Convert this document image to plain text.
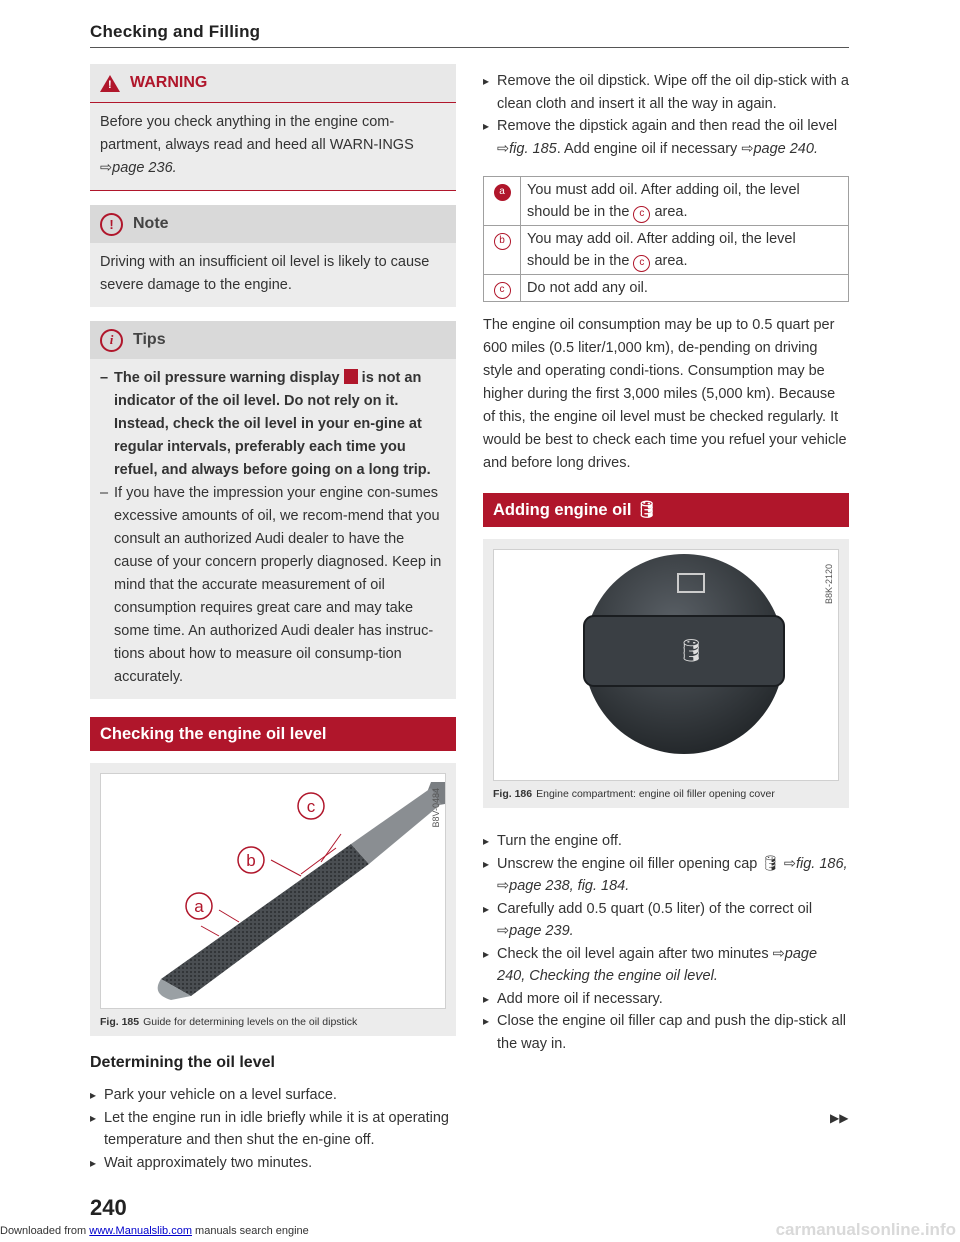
Checking and Filling
! WARNING
Before you check anything in the engine com-partment, always read and heed all WARN-INGS ⇨page 236.
!	Note
Driving with an insufficient oil level is likely to cause severe damage to the engine.
i	Tips
– The oil pressure warning display  is not an indicator of the oil level. Do not rely on it. Instead, check the oil level in your en-gine at regular intervals, preferably each time you refuel, and always before going on a long trip.
– If you have the impression your engine con-sumes excessive amounts of oil, we recom-mend that you consult an authorized Audi dealer to have the cause of your concern properly diagnosed. Keep in mind that the accurate measurement of oil consumption requires great care and may take some time. An authorized Audi dealer has instruc-tions about how to measure oil consump-tion accurately.
Checking the engine oil level
a
b
c	B8V-0484
Fig. 185 Guide for determining levels on the oil dipstick
Determining the oil level
▸ Park your vehicle on a level surface.
▸ Let the engine run in idle briefly while it is at operating temperature and then shut the en-gine off.
▸ Wait approximately two minutes.
▸ Remove the oil dipstick. Wipe off the oil dip-stick with a clean cloth and insert it all the way in again.
▸ Remove the dipstick again and then read the oil level ⇨fig. 185. Add engine oil if necessary ⇨page 240.
a	You must add oil. After adding oil, the level should be in the c area.
b	You may add oil. After adding oil, the level should be in the c area.
c	Do not add any oil.

The engine oil consumption may be up to 0.5 quart per 600 miles (0.5 liter/1,000 km), de-pending on driving style and operating condi-tions. Consumption may be higher during the first 3,000 miles (5,000 km). Because of this, the engine oil level must be checked regularly. It would be best to check each time you refuel your vehicle and before long drives.

Adding engine oil
🛢
🛢
B8K-2120
Fig. 186 Engine compartment: engine oil filler opening cover
▸ Turn the engine off.
▸ Unscrew the engine oil filler opening cap 🛢 ⇨fig. 186, ⇨page 238, fig. 184.
▸ Carefully add 0.5 quart (0.5 liter) of the correct oil ⇨page 239.
▸ Check the oil level again after two minutes ⇨page 240, Checking the engine oil level.
▸ Add more oil if necessary.
▸ Close the engine oil filler cap and push the dip-stick all the way in.
▶▶
240
Downloaded from www.Manualslib.com manuals search engine	carmanualsonline.info
